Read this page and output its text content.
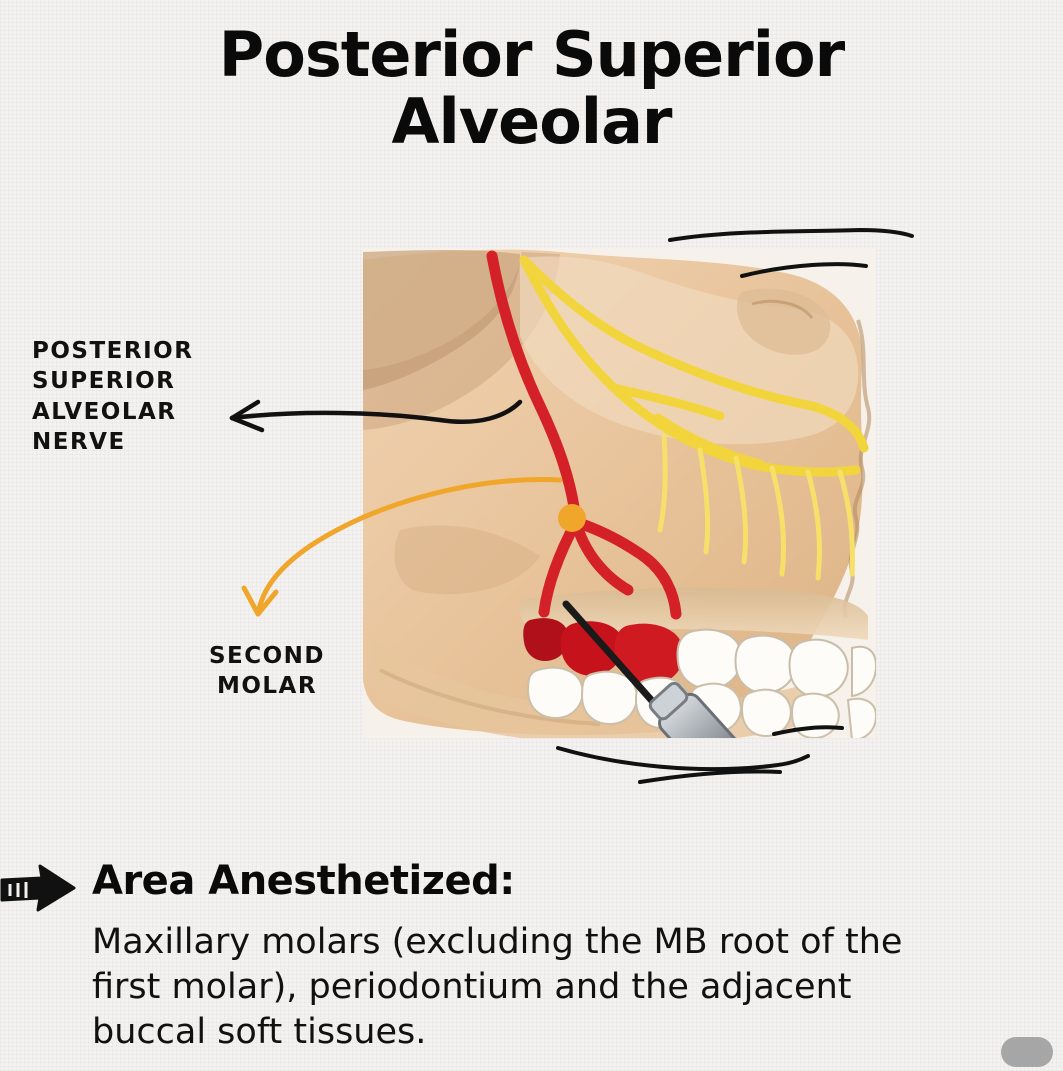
Posterior Superior
Alveolar
POSTERIOR SUPERIOR ALVEOLAR NERVE
SECOND MOLAR
Area Anesthetized:
Maxillary molars (excluding the MB root of the first molar), periodontium and the adjacent buccal soft tissues.
